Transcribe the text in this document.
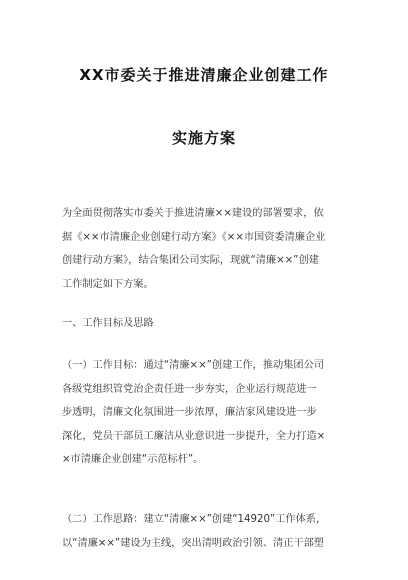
XX市委关于推进清廉企业创建工作
实施方案

为全面贯彻落实市委关于推进清廉××建设的部署要求，依

据《××市清廉企业创建行动方案》《××市国资委清廉企业

创建行动方案》，结合集团公司实际，现就“清廉××”创建

工作制定如下方案。

一、工作目标及思路

（一）工作目标：通过“清廉××”创建工作，推动集团公司

各级党组织管党治企责任进一步夯实，企业运行规范进一

步透明，清廉文化氛围进一步浓厚，廉洁家风建设进一步

深化，党员干部员工廉洁从业意识进一步提升，全力打造×

×市清廉企业创建“示范标杆”。

（二）工作思路：建立“清廉××”创建“14920”工作体系，

以“清廉××”建设为主线，突出清明政治引领、清正干部塑
